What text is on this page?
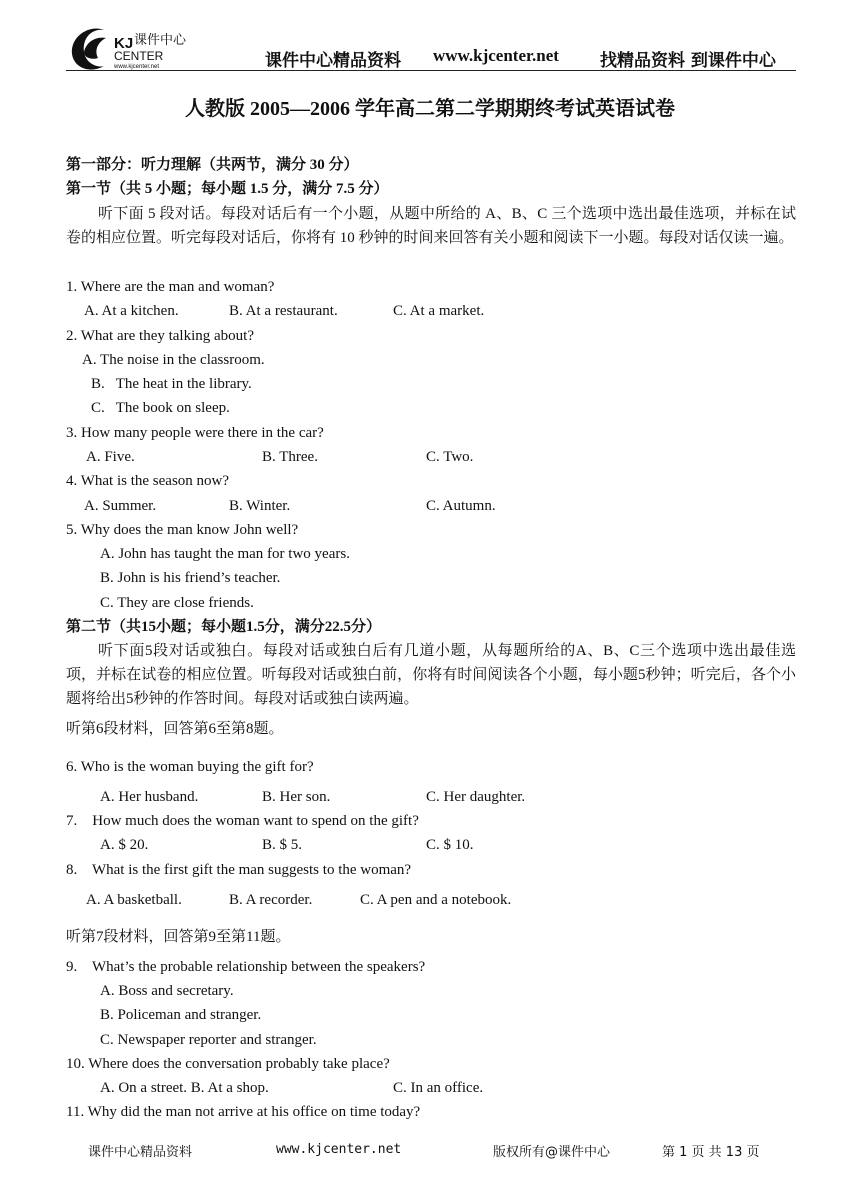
KJ 课件中心
CENTER
www.kjcenter.net	课件中心精品资料 www.kjcenter.net 找精品资料 到课件中心
人教版 2005—2006 学年高二第二学期期终考试英语试卷
第一部分：听力理解（共两节，满分 30 分）
第一节（共 5 小题；每小题 1.5 分，满分 7.5 分）
听下面 5 段对话。每段对话后有一个小题，从题中所给的 A、B、C 三个选项中选出最佳选项，并标在试卷的相应位置。听完每段对话后，你将有 10 秒钟的时间来回答有关小题和阅读下一小题。每段对话仅读一遍。
1. Where are the man and woman?
A. At a kitchen.	B. At a restaurant.	C. At a market.
2. What are they talking about?
A. The noise in the classroom.
B.   The heat in the library.
C.   The book on sleep.
3. How many people were there in the car?
A. Five.	B. Three.	C. Two.
4. What is the season now?
A. Summer.	B. Winter.	C. Autumn.
5. Why does the man know John well?
A. John has taught the man for two years.
B. John is his friend’s teacher.
C. They are close friends.
第二节（共15小题；每小题1.5分，满分22.5分）
听下面5段对话或独白。每段对话或独白后有几道小题，从每题所给的A、B、C三个选项中选出最佳选项，并标在试卷的相应位置。听每段对话或独白前，你将有时间阅读各个小题，每小题5秒钟；听完后，各个小题将给出5秒钟的作答时间。每段对话或独白读两遍。
听第6段材料，回答第6至第8题。
6. Who is the woman buying the gift for?
A. Her husband.	B. Her son.	C. Her daughter.
7.    How much does the woman want to spend on the gift?
A. $ 20.	B. $ 5.	C. $ 10.
8.    What is the first gift the man suggests to the woman?
A. A basketball.	B. A recorder.	C. A pen and a notebook.
听第7段材料，回答第9至第11题。
9.    What’s the probable relationship between the speakers?
A. Boss and secretary.
B. Policeman and stranger.
C. Newspaper reporter and stranger.
10. Where does the conversation probably take place?
A. On a street. B. At a shop.	C. In an office.
11. Why did the man not arrive at his office on time today?
课件中心精品资料	www.kjcenter.net	版权所有@课件中心	第 1 页 共 13 页
